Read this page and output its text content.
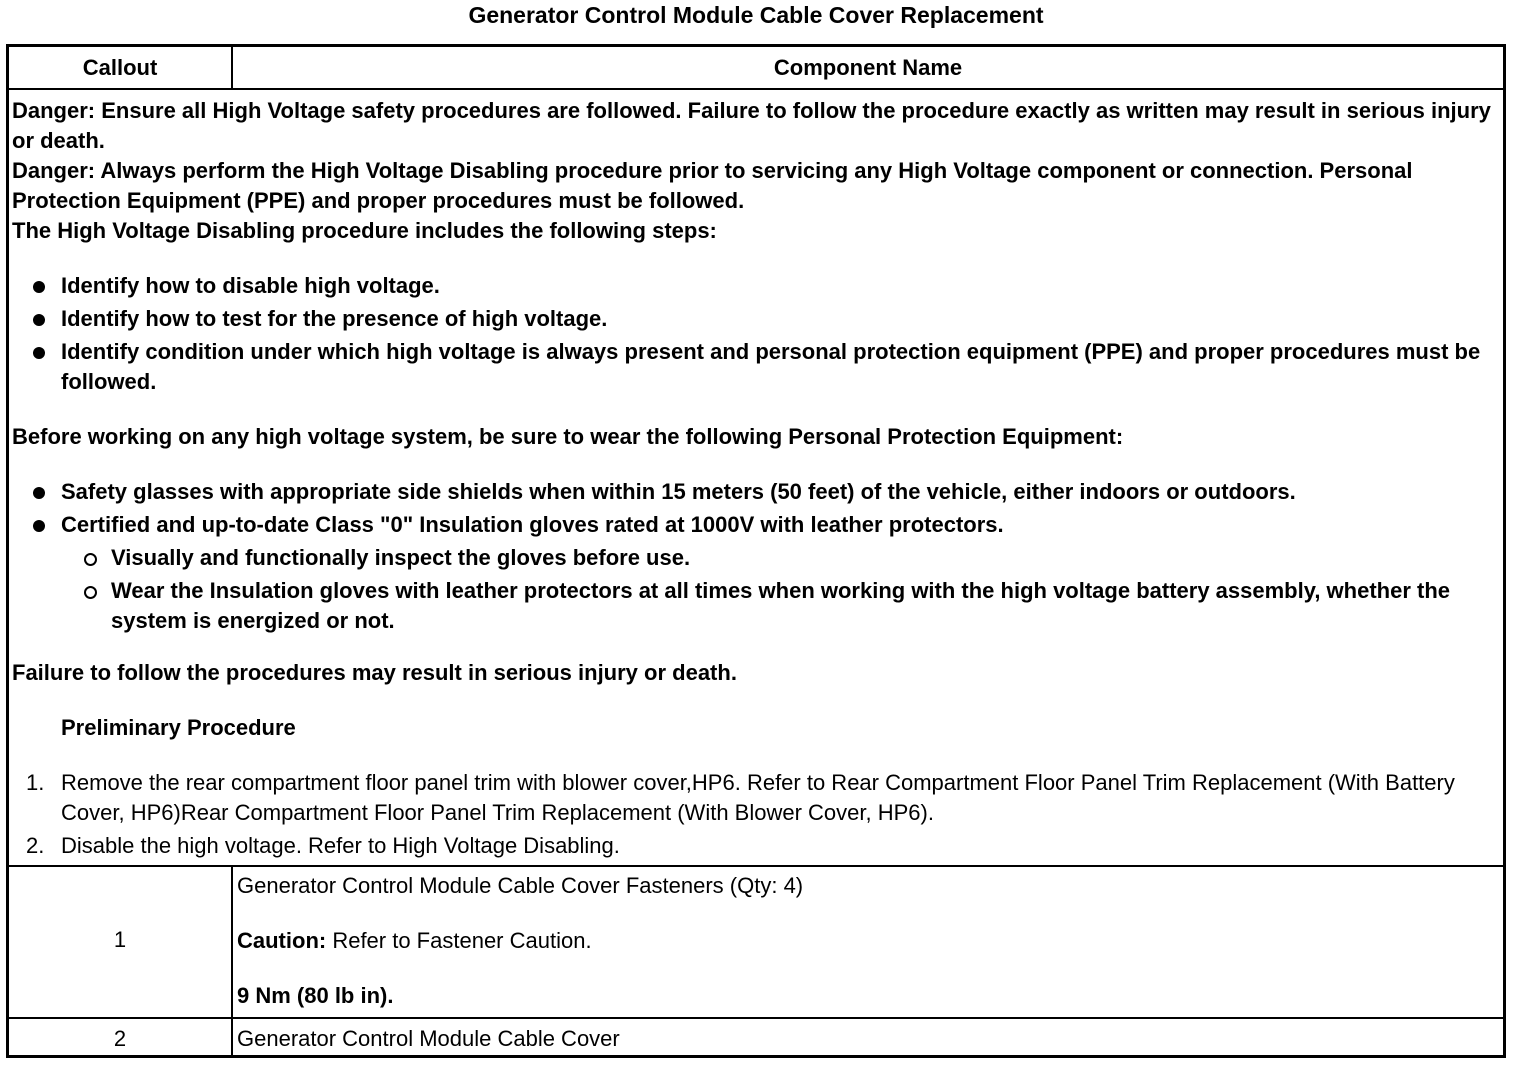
Generator Control Module Cable Cover Replacement
Callout	Component Name

Danger: Ensure all High Voltage safety procedures are followed. Failure to follow the procedure exactly as written may result in serious injury or death.

Danger: Always perform the High Voltage Disabling procedure prior to servicing any High Voltage component or connection. Personal Protection Equipment (PPE) and proper procedures must be followed.

The High Voltage Disabling procedure includes the following steps:

Identify how to disable high voltage.
Identify how to test for the presence of high voltage.
Identify condition under which high voltage is always present and personal protection equipment (PPE) and proper procedures must be followed.

Before working on any high voltage system, be sure to wear the following Personal Protection Equipment:

Safety glasses with appropriate side shields when within 15 meters (50 feet) of the vehicle, either indoors or outdoors.
Certified and up-to-date Class "0" Insulation gloves rated at 1000V with leather protectors.
Visually and functionally inspect the gloves before use.
Wear the Insulation gloves with leather protectors at all times when working with the high voltage battery assembly, whether the system is energized or not.

Failure to follow the procedures may result in serious injury or death.

Preliminary Procedure

1. Remove the rear compartment floor panel trim with blower cover,HP6. Refer to Rear Compartment Floor Panel Trim Replacement (With Battery Cover, HP6)Rear Compartment Floor Panel Trim Replacement (With Blower Cover, HP6).
2. Disable the high voltage. Refer to High Voltage Disabling.
1
Generator Control Module Cable Cover Fasteners (Qty: 4)
Caution: Refer to Fastener Caution.
9 Nm (80 lb in).
2	Generator Control Module Cable Cover
